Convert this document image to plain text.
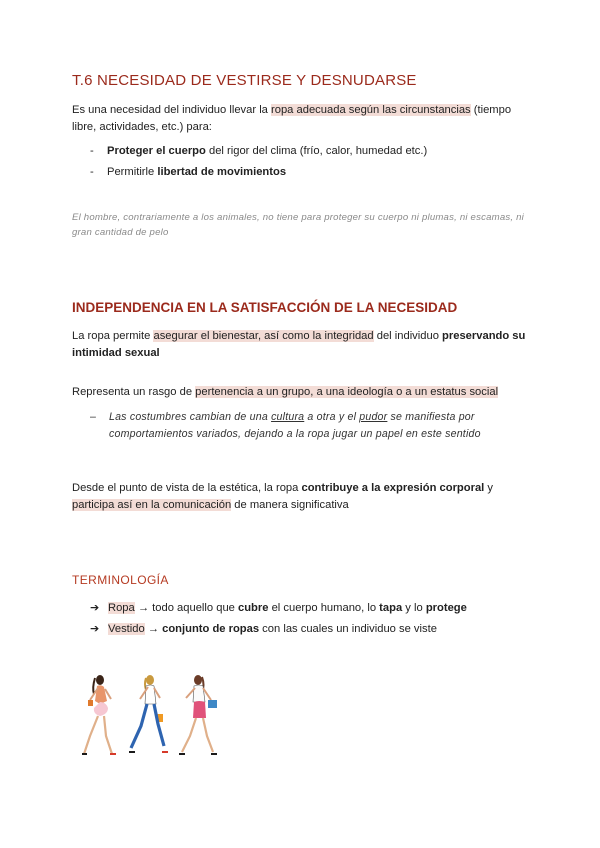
T.6 NECESIDAD DE VESTIRSE Y DESNUDARSE

Es una necesidad del individuo llevar la ropa adecuada según las circunstancias (tiempo libre, actividades, etc.) para:

- Proteger el cuerpo del rigor del clima (frío, calor, humedad etc.)
- Permitirle libertad de movimientos

El hombre, contrariamente a los animales, no tiene para proteger su cuerpo ni plumas, ni escamas, ni gran cantidad de pelo

INDEPENDENCIA EN LA SATISFACCIÓN DE LA NECESIDAD

La ropa permite asegurar el bienestar, así como la integridad del individuo preservando su intimidad sexual

Representa un rasgo de pertenencia a un grupo, a una ideología o a un estatus social

–	Las costumbres cambian de una cultura a otra y el pudor se manifiesta por comportamientos variados, dejando a la ropa jugar un papel en este sentido

Desde el punto de vista de la estética, la ropa contribuye a la expresión corporal y participa así en la comunicación de manera significativa

TERMINOLOGÍA
➔ Ropa → todo aquello que cubre el cuerpo humano, lo tapa y lo protege
➔ Vestido → conjunto de ropas con las cuales un individuo se viste
